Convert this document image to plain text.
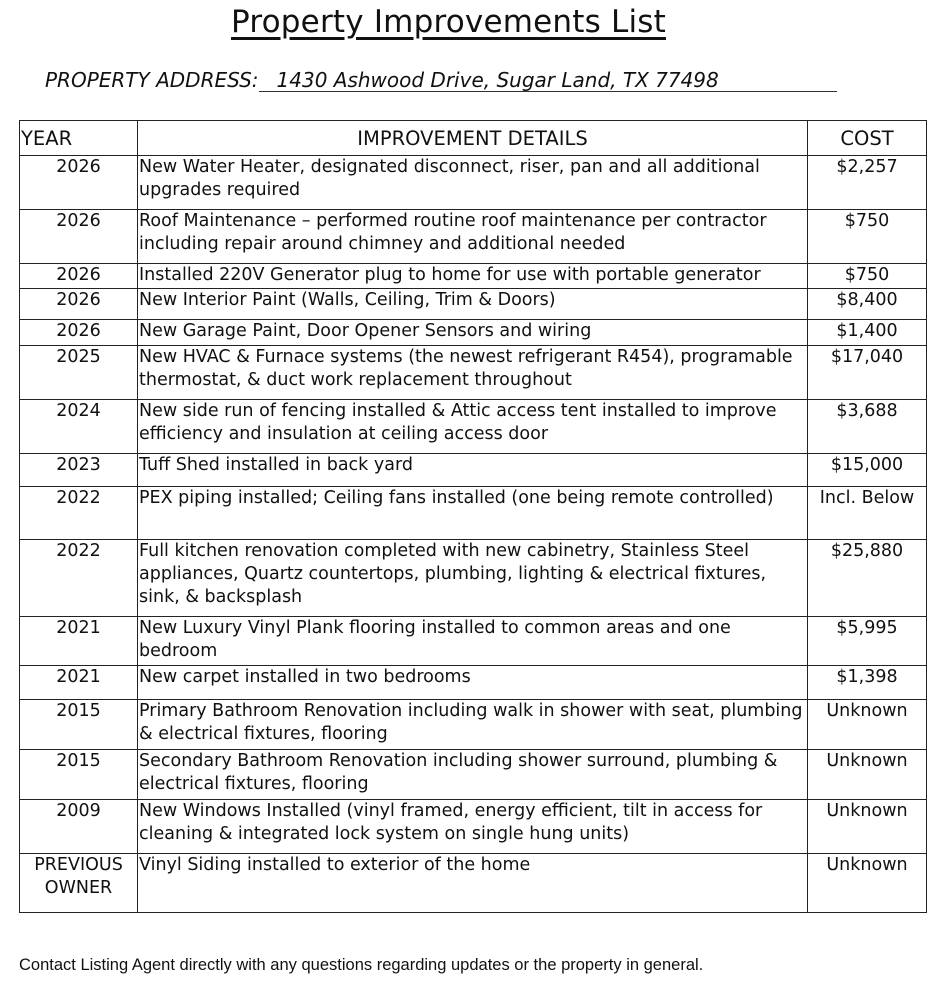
Property Improvements List
PROPERTY ADDRESS: 1430 Ashwood Drive, Sugar Land, TX 77498
YEAR	IMPROVEMENT DETAILS	COST
2026	New Water Heater, designated disconnect, riser, pan and all additional upgrades required	$2,257
2026	Roof Maintenance – performed routine roof maintenance per contractor including repair around chimney and additional needed	$750
2026	Installed 220V Generator plug to home for use with portable generator	$750
2026	New Interior Paint (Walls, Ceiling, Trim & Doors)	$8,400
2026	New Garage Paint, Door Opener Sensors and wiring	$1,400
2025	New HVAC & Furnace systems (the newest refrigerant R454), programable thermostat, & duct work replacement throughout	$17,040
2024	New side run of fencing installed & Attic access tent installed to improve efficiency and insulation at ceiling access door	$3,688
2023	Tuff Shed installed in back yard	$15,000
2022	PEX piping installed; Ceiling fans installed (one being remote controlled)	Incl. Below
2022	Full kitchen renovation completed with new cabinetry, Stainless Steel appliances, Quartz countertops, plumbing, lighting & electrical fixtures, sink, & backsplash	$25,880
2021	New Luxury Vinyl Plank flooring installed to common areas and one bedroom	$5,995
2021	New carpet installed in two bedrooms	$1,398
2015	Primary Bathroom Renovation including walk in shower with seat, plumbing & electrical fixtures, flooring	Unknown
2015	Secondary Bathroom Renovation including shower surround, plumbing & electrical fixtures, flooring	Unknown
2009	New Windows Installed (vinyl framed, energy efficient, tilt in access for cleaning & integrated lock system on single hung units)	Unknown
PREVIOUS OWNER	Vinyl Siding installed to exterior of the home	Unknown
Contact Listing Agent directly with any questions regarding updates or the property in general.
